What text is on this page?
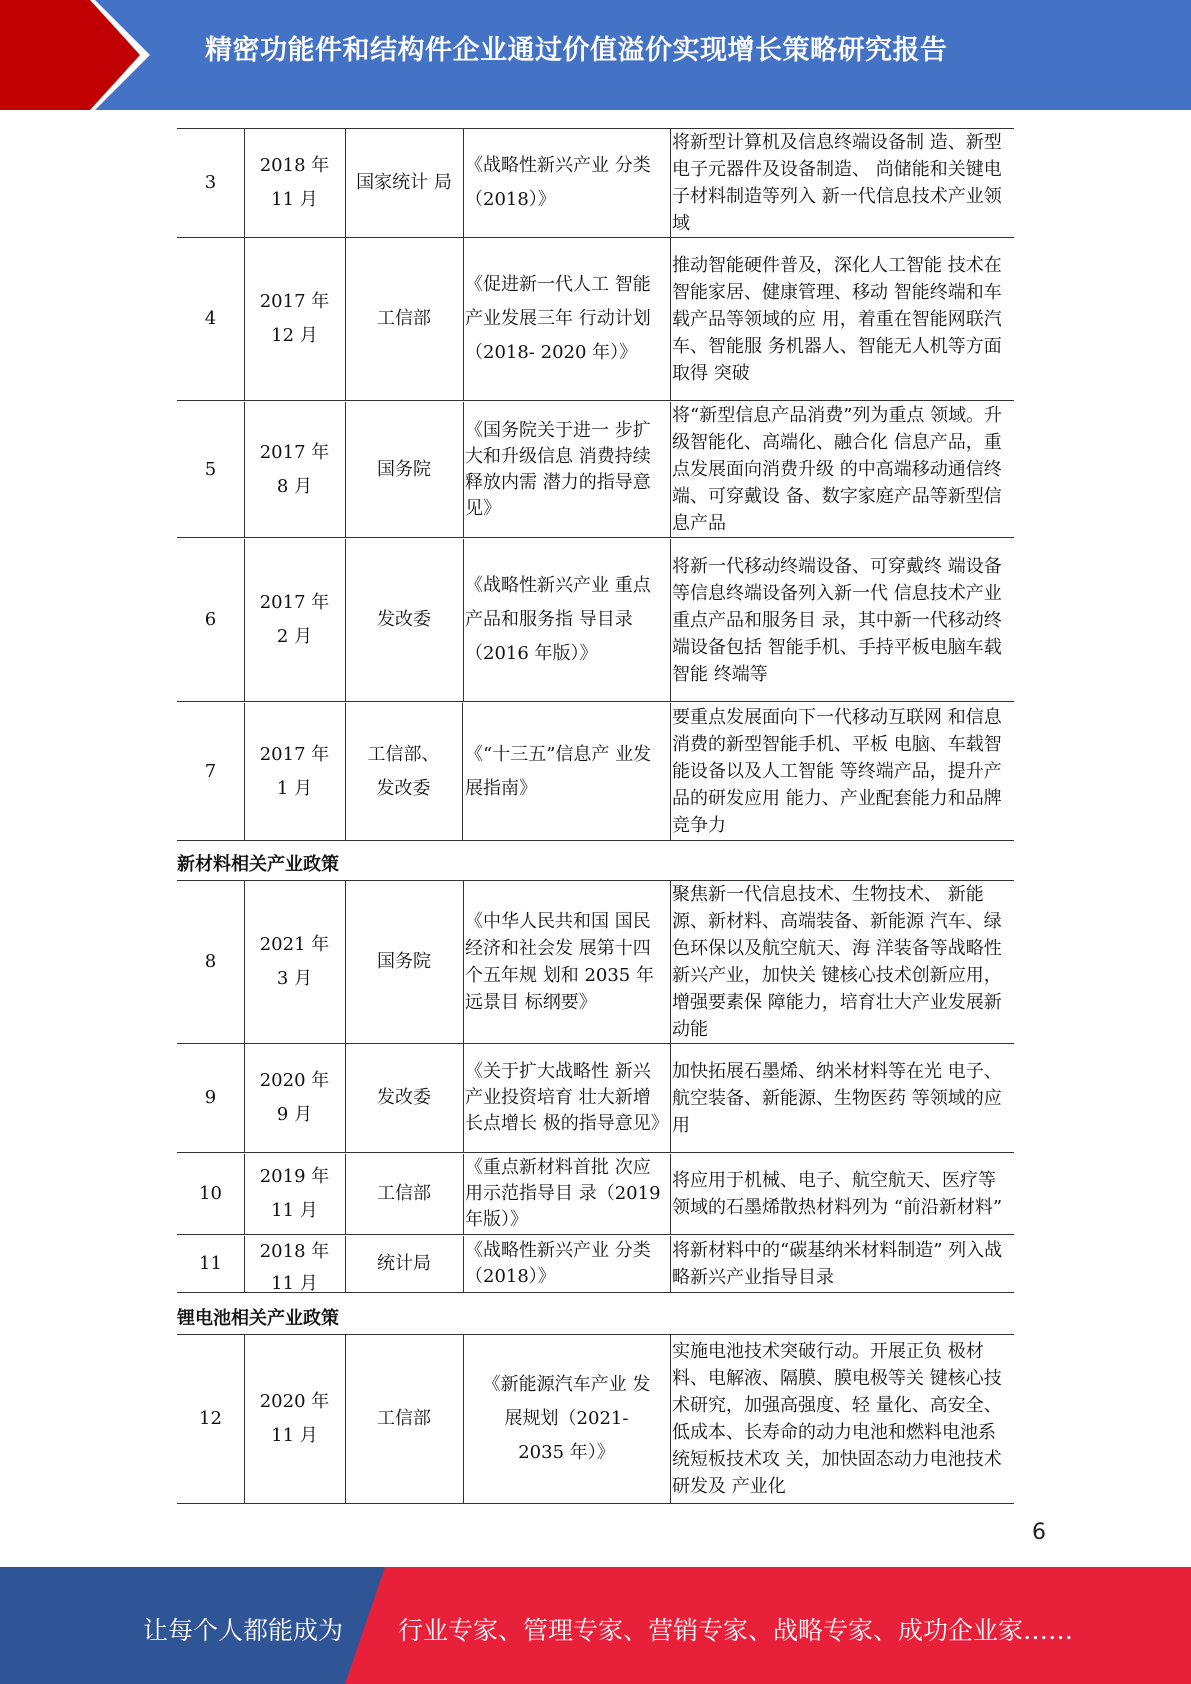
精密功能件和结构件企业通过价值溢价实现增长策略研究报告
3
2018 年
11 月
国家统计 局
《战略性新兴产业 分类（2018）》
将新型计算机及信息终端设备制 造、新型电子元器件及设备制造、 尚储能和关键电子材料制造等列入 新一代信息技术产业领域
4
2017 年
12 月
工信部
《促进新一代人工 智能产业发展三年 行动计划（2018- 2020 年）》
推动智能硬件普及，深化人工智能 技术在智能家居、健康管理、移动 智能终端和车载产品等领域的应 用，着重在智能网联汽车、智能服 务机器人、智能无人机等方面取得 突破
5
2017 年
8 月
国务院
《国务院关于进一 步扩大和升级信息 消费持续释放内需 潜力的指导意见》
将“新型信息产品消费”列为重点 领域。升级智能化、高端化、融合化 信息产品，重点发展面向消费升级 的中高端移动通信终端、可穿戴设 备、数字家庭产品等新型信息产品
6
2017 年
2 月
发改委
《战略性新兴产业 重点产品和服务指 导目录（2016 年版）》
将新一代移动终端设备、可穿戴终 端设备等信息终端设备列入新一代 信息技术产业重点产品和服务目 录，其中新一代移动终端设备包括 智能手机、手持平板电脑车载智能 终端等
7
2017 年
1 月
工信部、 发改委
《“十三五”信息产 业发展指南》
要重点发展面向下一代移动互联网 和信息消费的新型智能手机、平板 电脑、车载智能设备以及人工智能 等终端产品，提升产品的研发应用 能力、产业配套能力和品牌竞争力
新材料相关产业政策
8
2021 年
3 月
国务院
《中华人民共和国 国民经济和社会发 展第十四个五年规 划和 2035 年远景目 标纲要》
聚焦新一代信息技术、生物技术、 新能源、新材料、高端装备、新能源 汽车、绿色环保以及航空航天、海 洋装备等战略性新兴产业，加快关 键核心技术创新应用，增强要素保 障能力，培育壮大产业发展新动能
9
2020 年
9 月
发改委
《关于扩大战略性 新兴产业投资培育 壮大新增长点增长 极的指导意见》
加快拓展石墨烯、纳米材料等在光 电子、航空装备、新能源、生物医药 等领域的应用
10
2019 年
11 月
工信部
《重点新材料首批 次应用示范指导目 录（2019 年版）》
将应用于机械、电子、航空航天、医疗等领域的石墨烯散热材料列为 “前沿新材料”
11
2018 年
11 月
统计局
《战略性新兴产业 分类（2018）》
将新材料中的“碳基纳米材料制造” 列入战略新兴产业指导目录
锂电池相关产业政策
12
2020 年
11 月
工信部
《新能源汽车产业 发展规划（2021- 2035 年）》
实施电池技术突破行动。开展正负 极材料、电解液、隔膜、膜电极等关 键核心技术研究，加强高强度、轻 量化、高安全、低成本、长寿命的动力电池和燃料电池系统短板技术攻 关，加快固态动力电池技术研发及 产业化
6
让每个人都能成为 行业专家、管理专家、营销专家、战略专家、成功企业家……
